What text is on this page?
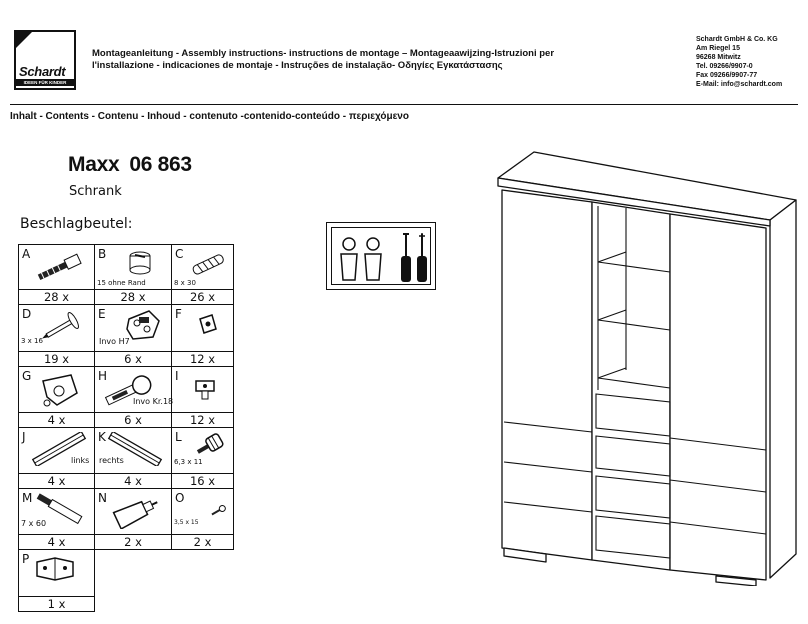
Schardt
IDEEN FÜR KINDER
Montageanleitung - Assembly instructions- instructions de montage – Montageaawijzing-Istruzioni per
l'installazione - indicaciones de montaje - Instruções de instalação- Οδηγίες Εγκατάστασης
Schardt GmbH & Co. KG
Am Riegel 15
96268 Mitwitz
Tel. 09266/9907-0
Fax 09266/9907-77
E-Mail: info@schardt.com
Inhalt - Contents - Contenu - Inhoud - contenuto -contenido-conteúdo - περιεχόμενο
Maxx 06 863
Schrank
Beschlagbeutel:
A
28 x
B
15 ohne Rand
28 x
C
8 x 30
26 x
D
3 x 16
19 x
E
Invo H7
6 x
F
12 x
G
4 x
H
Invo Kr.18
6 x
I
12 x
J
links
4 x
K
rechts
4 x
L
6,3 x 11
16 x
M
7 x 60
4 x
N
2 x
O
3,5 x 15
2 x
P
1 x
